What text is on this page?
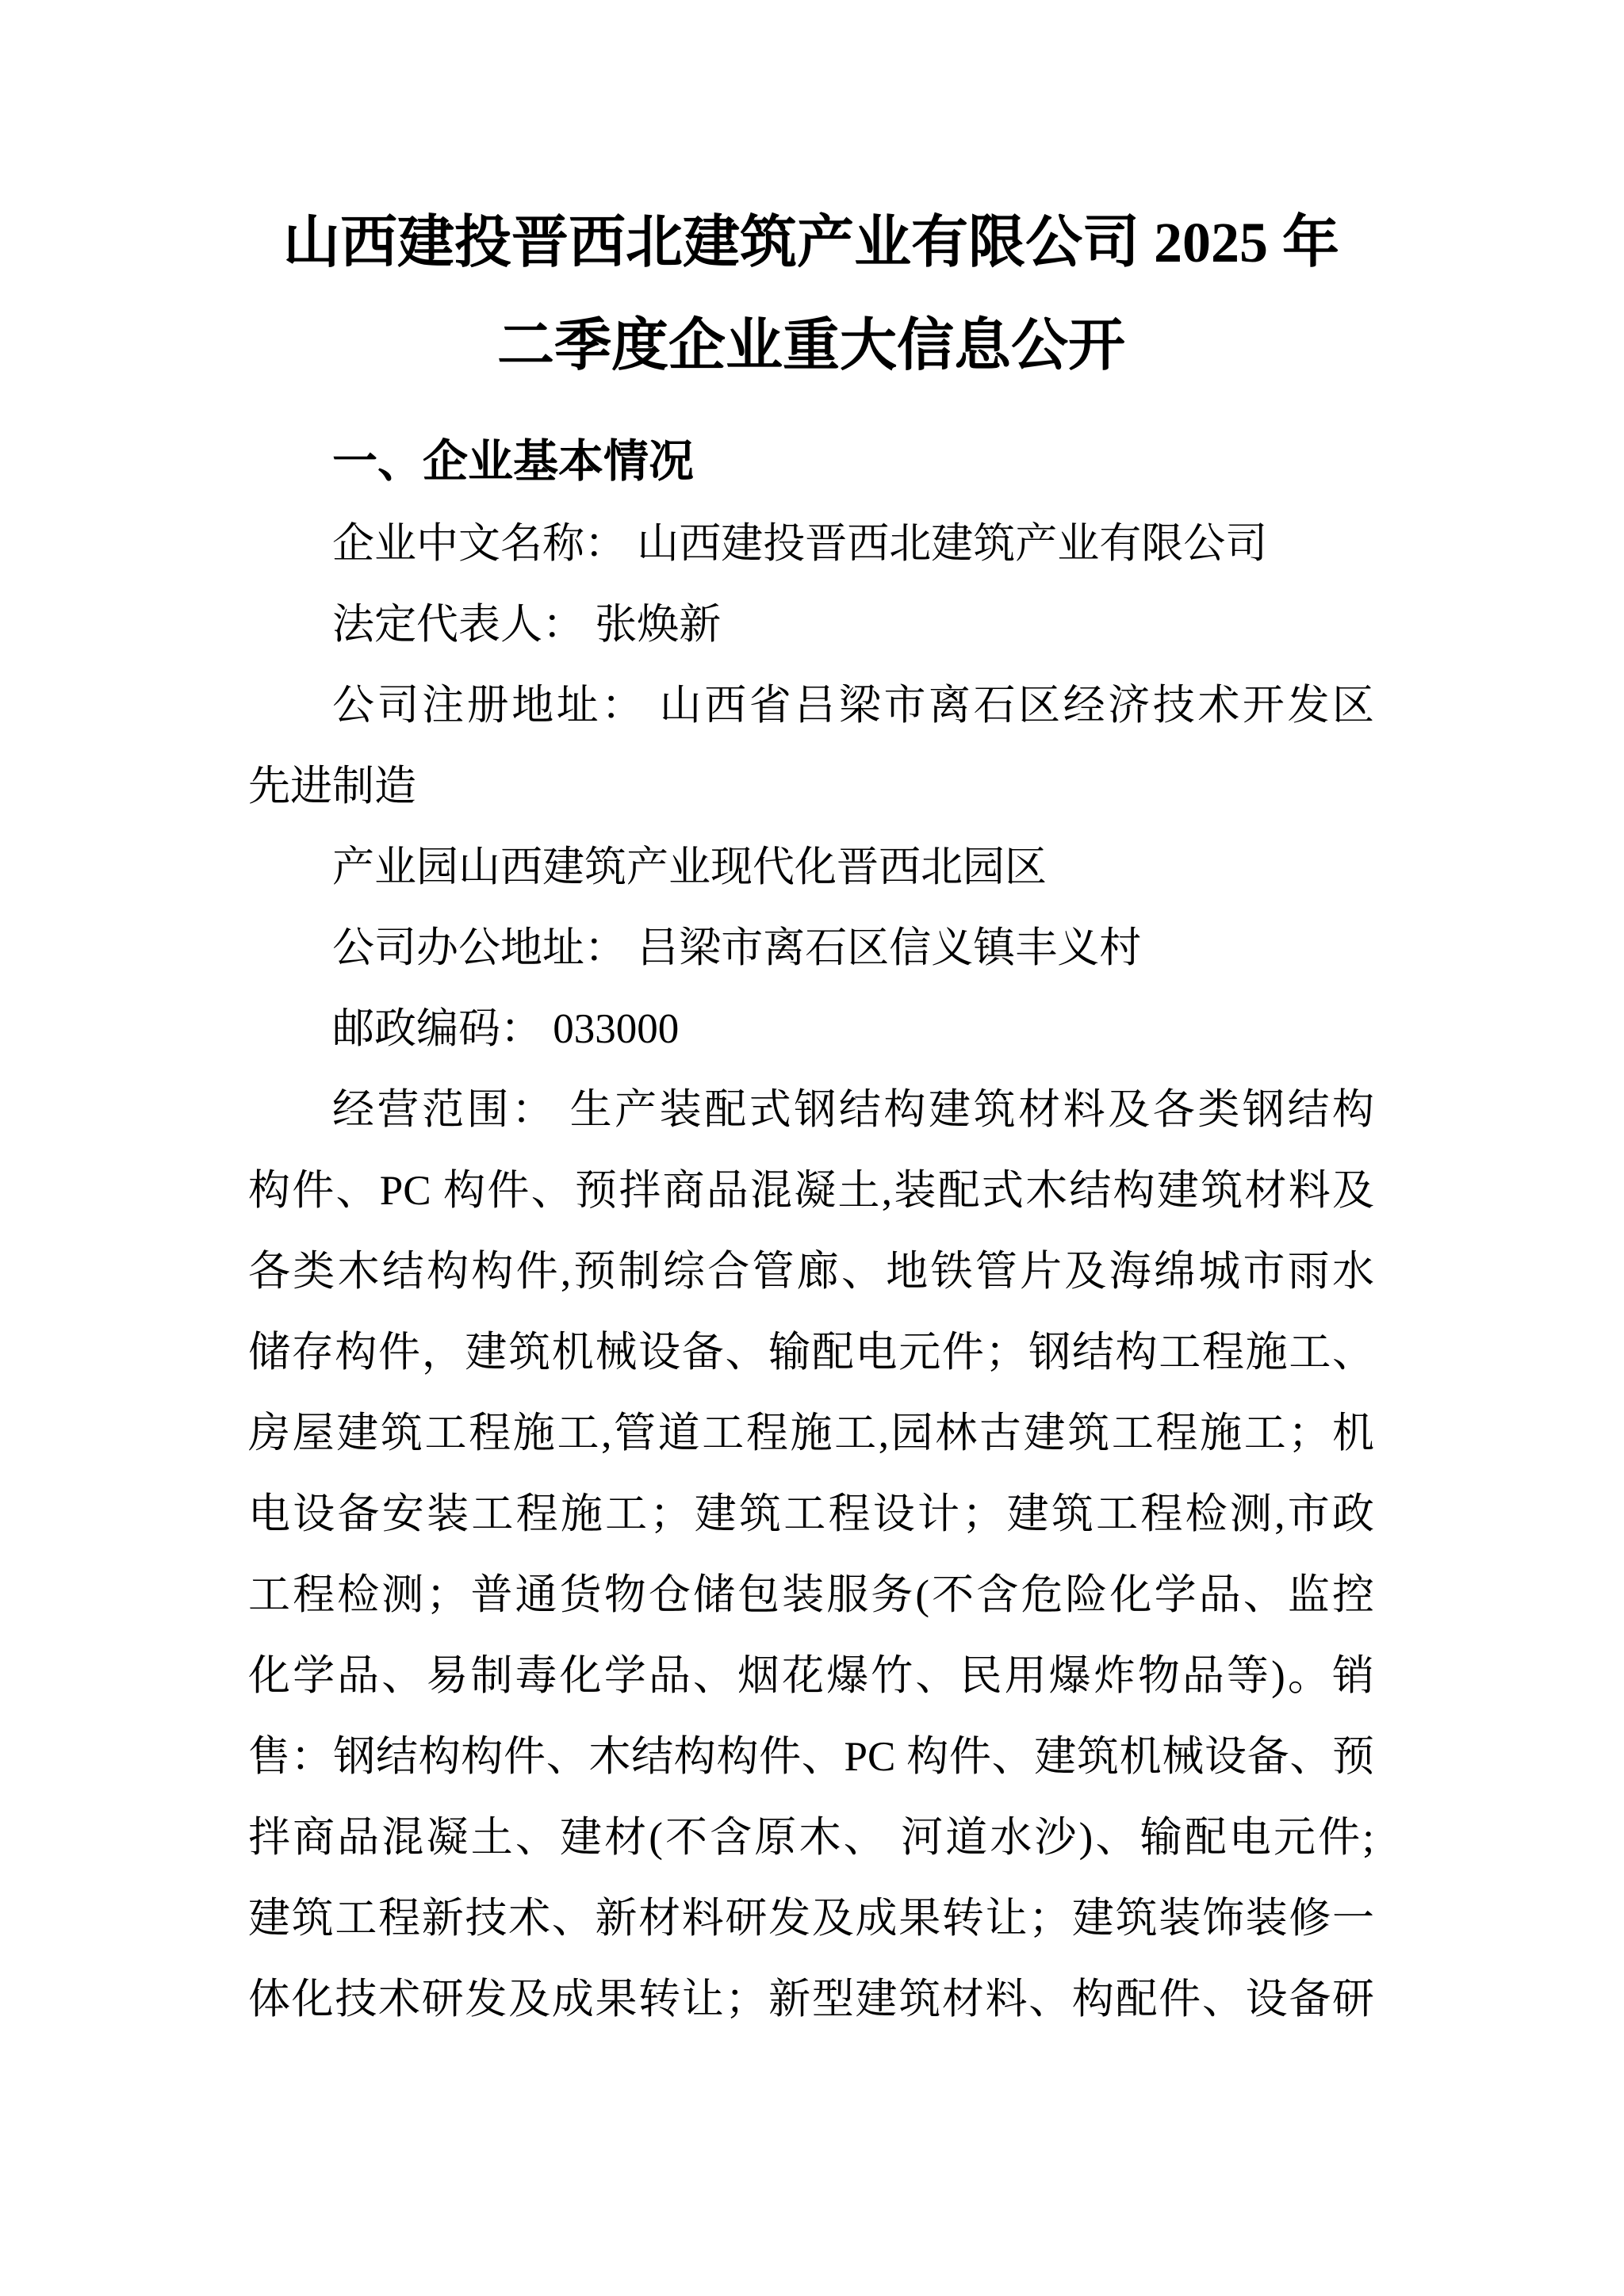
山西建投晋西北建筑产业有限公司 2025 年
二季度企业重大信息公开
一、企业基本情况
企业中文名称： 山西建投晋西北建筑产业有限公司
法定代表人： 张焕新
公司注册地址： 山西省吕梁市离石区经济技术开发区
先进制造
产业园山西建筑产业现代化晋西北园区
公司办公地址： 吕梁市离石区信义镇丰义村
邮政编码： 033000
经营范围： 生产装配式钢结构建筑材料及各类钢结构
构件、PC 构件、预拌商品混凝土,装配式木结构建筑材料及
各类木结构构件,预制综合管廊、地铁管片及海绵城市雨水
储存构件，建筑机械设备、输配电元件；钢结构工程施工、
房屋建筑工程施工,管道工程施工,园林古建筑工程施工；机
电设备安装工程施工；建筑工程设计；建筑工程检测,市政
工程检测；普通货物仓储包装服务(不含危险化学品、监控
化学品、易制毒化学品、烟花爆竹、民用爆炸物品等)。销
售：钢结构构件、木结构构件、PC 构件、建筑机械设备、预
拌商品混凝土、建材(不含原木、 河道水沙)、输配电元件;
建筑工程新技术、新材料研发及成果转让；建筑装饰装修一
体化技术研发及成果转让；新型建筑材料、构配件、设备研
